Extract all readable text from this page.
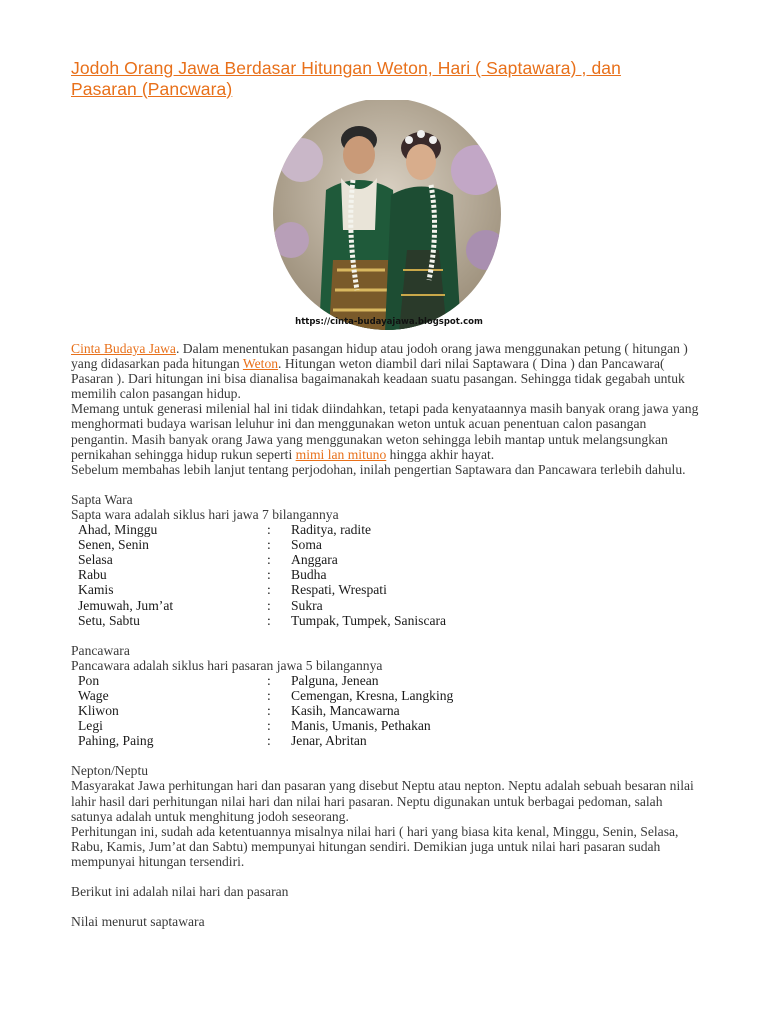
Jodoh Orang Jawa Berdasar Hitungan Weton, Hari ( Saptawara) , dan Pasaran (Pancwara)
https://cinta-budayajawa.blogspot.com

Cinta Budaya Jawa. Dalam menentukan pasangan hidup atau jodoh orang jawa menggunakan petung ( hitungan ) yang didasarkan pada hitungan Weton. Hitungan weton diambil dari nilai Saptawara ( Dina ) dan Pancawara( Pasaran ). Dari hitungan ini bisa dianalisa bagaimanakah keadaan suatu pasangan. Sehingga tidak gegabah untuk memilih calon pasangan hidup.

Memang untuk generasi milenial hal ini tidak diindahkan, tetapi pada kenyataannya masih banyak orang jawa yang menghormati budaya warisan leluhur ini dan menggunakan weton untuk acuan penentuan calon pasangan pengantin. Masih banyak orang Jawa yang menggunakan weton sehingga lebih mantap untuk melangsungkan pernikahan sehingga hidup rukun seperti mimi lan mituno hingga akhir hayat.

Sebelum membahas lebih lanjut tentang perjodohan, inilah pengertian Saptawara dan Pancawara terlebih dahulu.

Sapta Wara

Sapta wara adalah siklus hari jawa 7 bilangannya

Ahad, Minggu	:	Raditya, radite
Senen, Senin	:	Soma
Selasa	:	Anggara
Rabu	:	Budha
Kamis	:	Respati, Wrespati
Jemuwah, Jum’at	:	Sukra
Setu, Sabtu	:	Tumpak, Tumpek, Saniscara

Pancawara

Pancawara adalah siklus hari pasaran jawa 5 bilangannya

Pon	:	Palguna, Jenean
Wage	:	Cemengan, Kresna, Langking
Kliwon	:	Kasih, Mancawarna
Legi	:	Manis, Umanis, Pethakan
Pahing, Paing	:	Jenar, Abritan

Nepton/Neptu

Masyarakat Jawa perhitungan hari dan pasaran yang disebut Neptu atau nepton. Neptu adalah sebuah besaran nilai lahir hasil dari perhitungan nilai hari dan nilai hari pasaran. Neptu digunakan untuk berbagai pedoman, salah satunya adalah untuk menghitung jodoh seseorang.

Perhitungan ini, sudah ada ketentuannya misalnya nilai hari ( hari yang biasa kita kenal, Minggu, Senin, Selasa, Rabu, Kamis, Jum’at dan Sabtu) mempunyai hitungan sendiri. Demikian juga untuk nilai hari pasaran sudah mempunyai hitungan tersendiri.

Berikut ini adalah nilai hari dan pasaran

Nilai menurut saptawara
